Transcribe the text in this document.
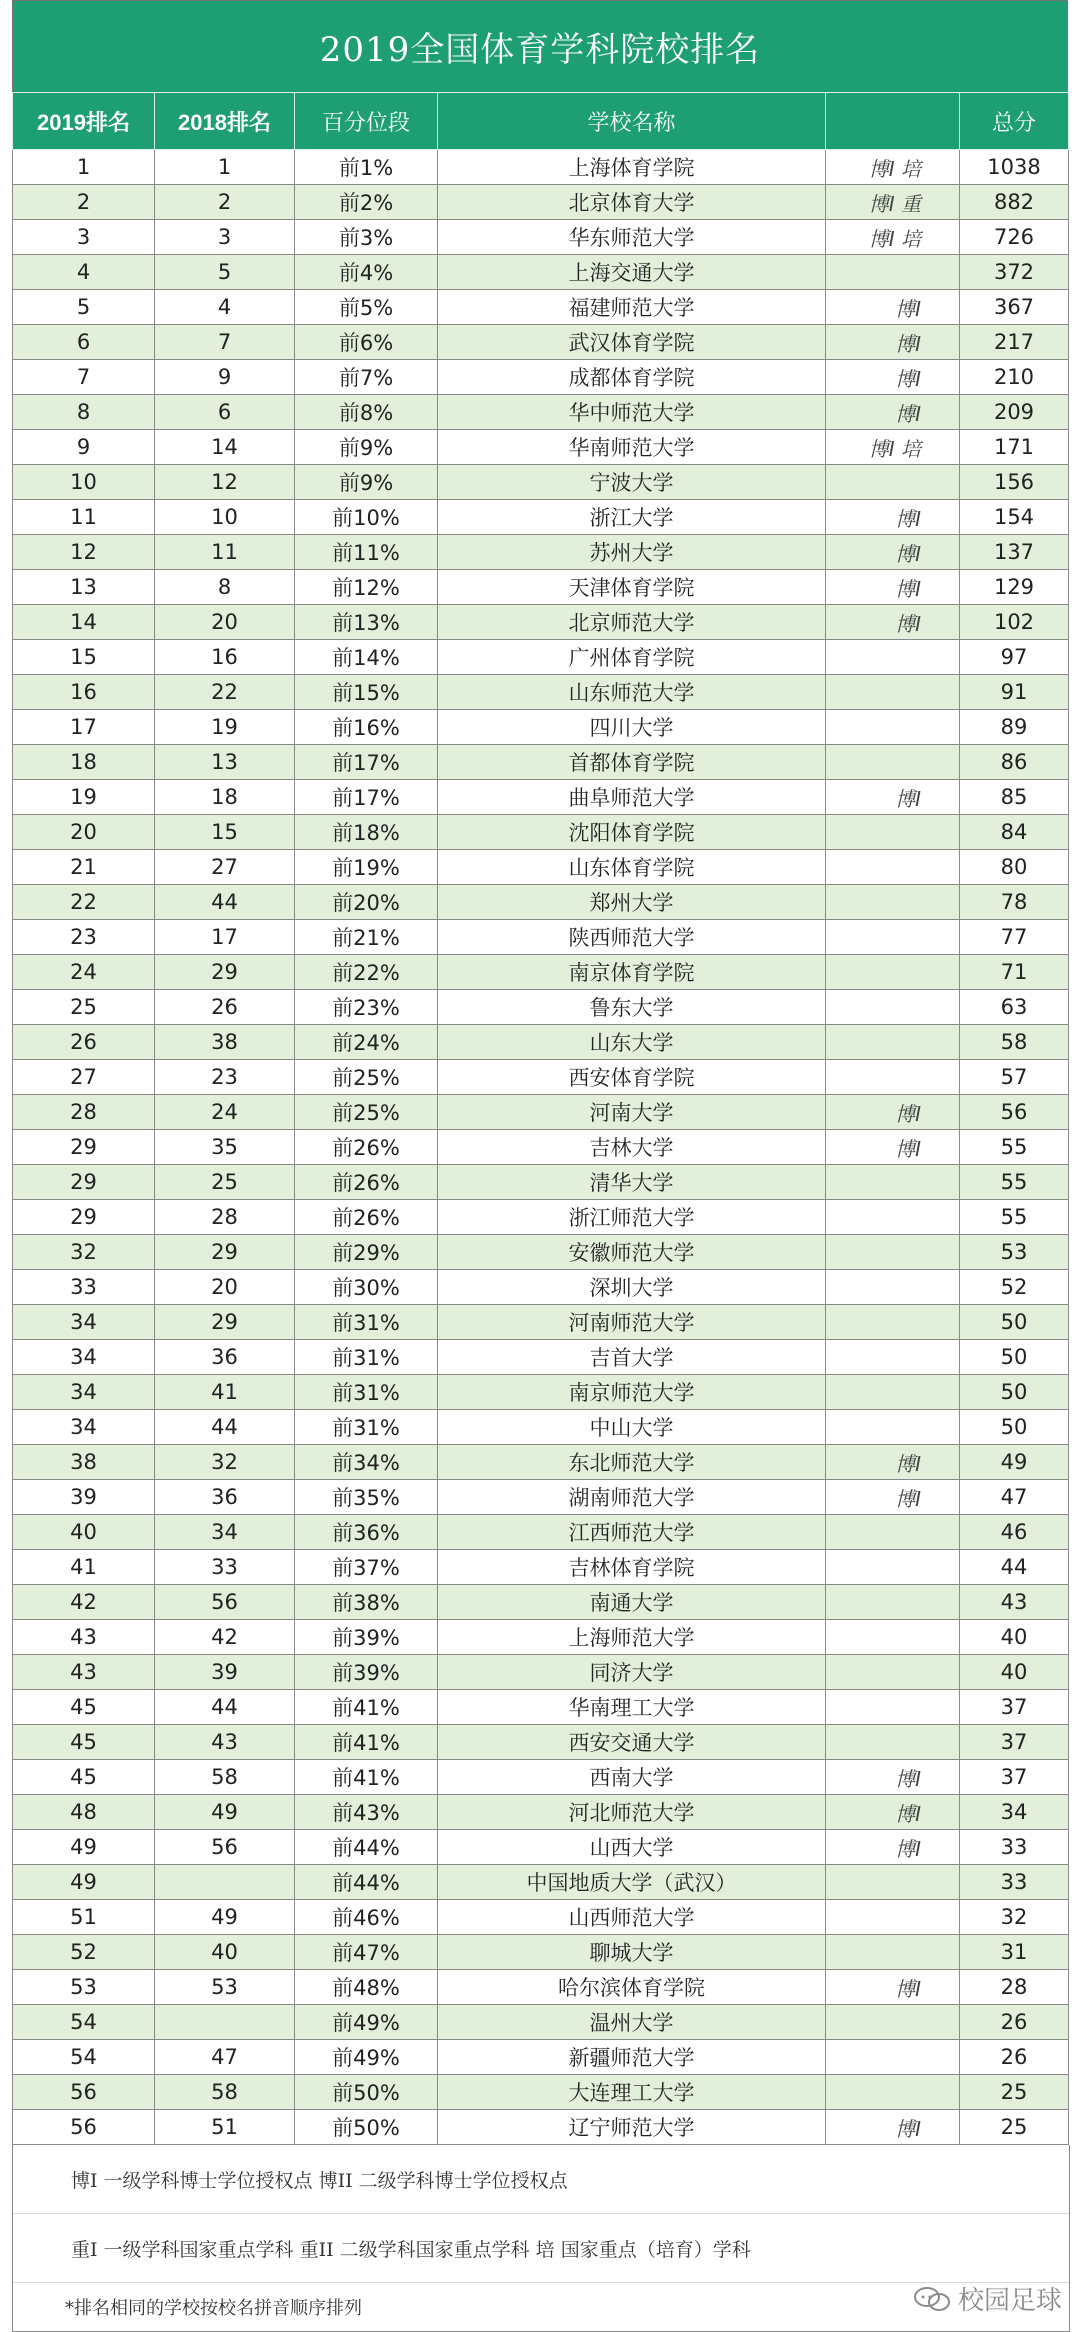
2019全国体育学科院校排名
2019排名	2018排名	百分位段	学校名称		总分
1	1	前1%	上海体育学院	博I 培	1038
2	2	前2%	北京体育大学	博I 重	882
3	3	前3%	华东师范大学	博I 培	726
4	5	前4%	上海交通大学		372
5	4	前5%	福建师范大学	博I	367
6	7	前6%	武汉体育学院	博I	217
7	9	前7%	成都体育学院	博I	210
8	6	前8%	华中师范大学	博I	209
9	14	前9%	华南师范大学	博I 培	171
10	12	前9%	宁波大学		156
11	10	前10%	浙江大学	博I	154
12	11	前11%	苏州大学	博I	137
13	8	前12%	天津体育学院	博I	129
14	20	前13%	北京师范大学	博I	102
15	16	前14%	广州体育学院		97
16	22	前15%	山东师范大学		91
17	19	前16%	四川大学		89
18	13	前17%	首都体育学院		86
19	18	前17%	曲阜师范大学	博I	85
20	15	前18%	沈阳体育学院		84
21	27	前19%	山东体育学院		80
22	44	前20%	郑州大学		78
23	17	前21%	陕西师范大学		77
24	29	前22%	南京体育学院		71
25	26	前23%	鲁东大学		63
26	38	前24%	山东大学		58
27	23	前25%	西安体育学院		57
28	24	前25%	河南大学	博I	56
29	35	前26%	吉林大学	博I	55
29	25	前26%	清华大学		55
29	28	前26%	浙江师范大学		55
32	29	前29%	安徽师范大学		53
33	20	前30%	深圳大学		52
34	29	前31%	河南师范大学		50
34	36	前31%	吉首大学		50
34	41	前31%	南京师范大学		50
34	44	前31%	中山大学		50
38	32	前34%	东北师范大学	博I	49
39	36	前35%	湖南师范大学	博I	47
40	34	前36%	江西师范大学		46
41	33	前37%	吉林体育学院		44
42	56	前38%	南通大学		43
43	42	前39%	上海师范大学		40
43	39	前39%	同济大学		40
45	44	前41%	华南理工大学		37
45	43	前41%	西安交通大学		37
45	58	前41%	西南大学	博I	37
48	49	前43%	河北师范大学	博I	34
49	56	前44%	山西大学	博I	33
49		前44%	中国地质大学（武汉）		33
51	49	前46%	山西师范大学		32
52	40	前47%	聊城大学		31
53	53	前48%	哈尔滨体育学院	博I	28
54		前49%	温州大学		26
54	47	前49%	新疆师范大学		26
56	58	前50%	大连理工大学		25
56	51	前50%	辽宁师范大学	博I	25
博I 一级学科博士学位授权点 博II 二级学科博士学位授权点
重I 一级学科国家重点学科 重II 二级学科国家重点学科 培 国家重点（培育）学科
*排名相同的学校按校名拼音顺序排列	校园足球
